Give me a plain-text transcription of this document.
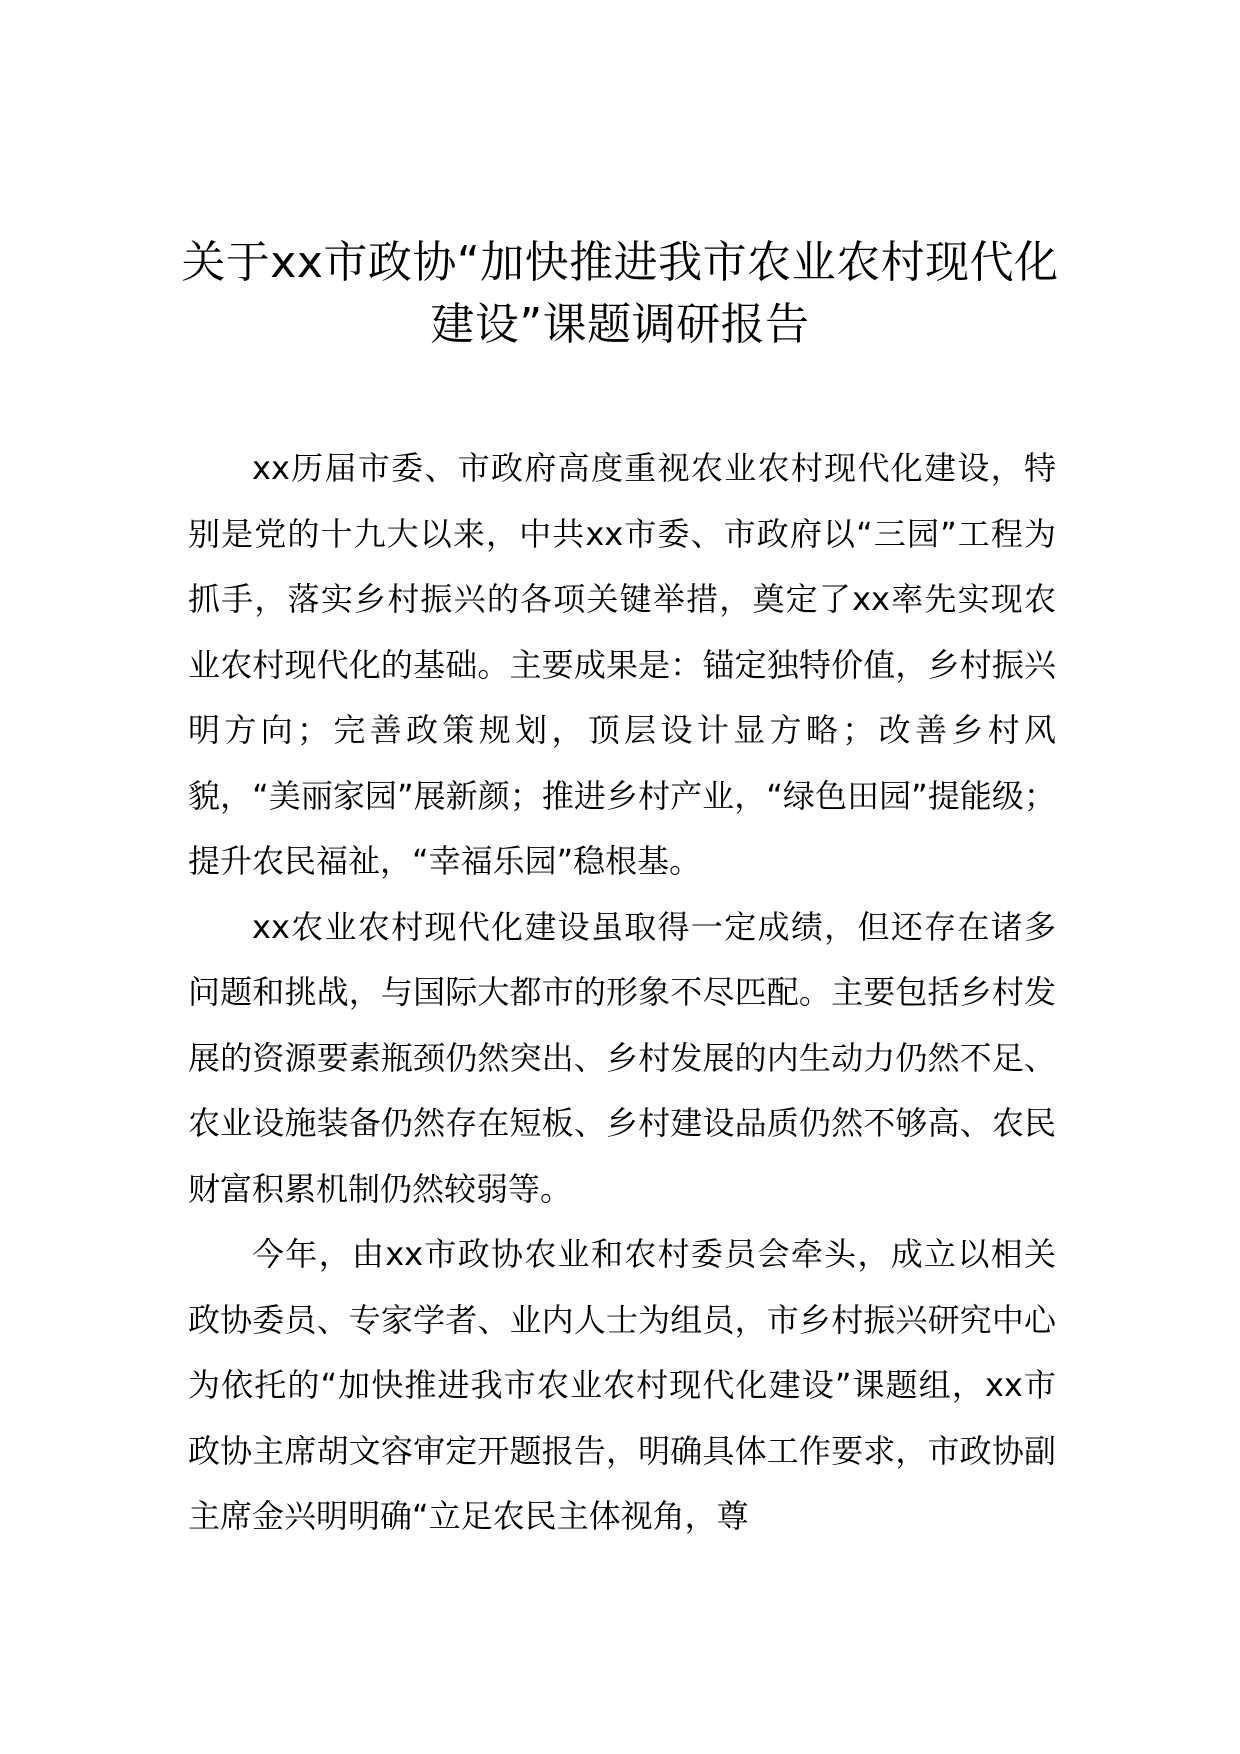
关于xx市政协“加快推进我市农业农村现代化建设”课题调研报告

xx历届市委、市政府高度重视农业农村现代化建设，特别是党的十九大以来，中共xx市委、市政府以“三园”工程为抓手，落实乡村振兴的各项关键举措，奠定了xx率先实现农业农村现代化的基础。主要成果是：锚定独特价值，乡村振兴明方向；完善政策规划，顶层设计显方略；改善乡村风貌，“美丽家园”展新颜；推进乡村产业，“绿色田园”提能级；提升农民福祉，“幸福乐园”稳根基。

xx农业农村现代化建设虽取得一定成绩，但还存在诸多问题和挑战，与国际大都市的形象不尽匹配。主要包括乡村发展的资源要素瓶颈仍然突出、乡村发展的内生动力仍然不足、农业设施装备仍然存在短板、乡村建设品质仍然不够高、农民财富积累机制仍然较弱等。

今年，由xx市政协农业和农村委员会牵头，成立以相关政协委员、专家学者、业内人士为组员，市乡村振兴研究中心为依托的“加快推进我市农业农村现代化建设”课题组，xx市政协主席胡文容审定开题报告，明确具体工作要求，市政协副主席金兴明明确“立足农民主体视角，尊
